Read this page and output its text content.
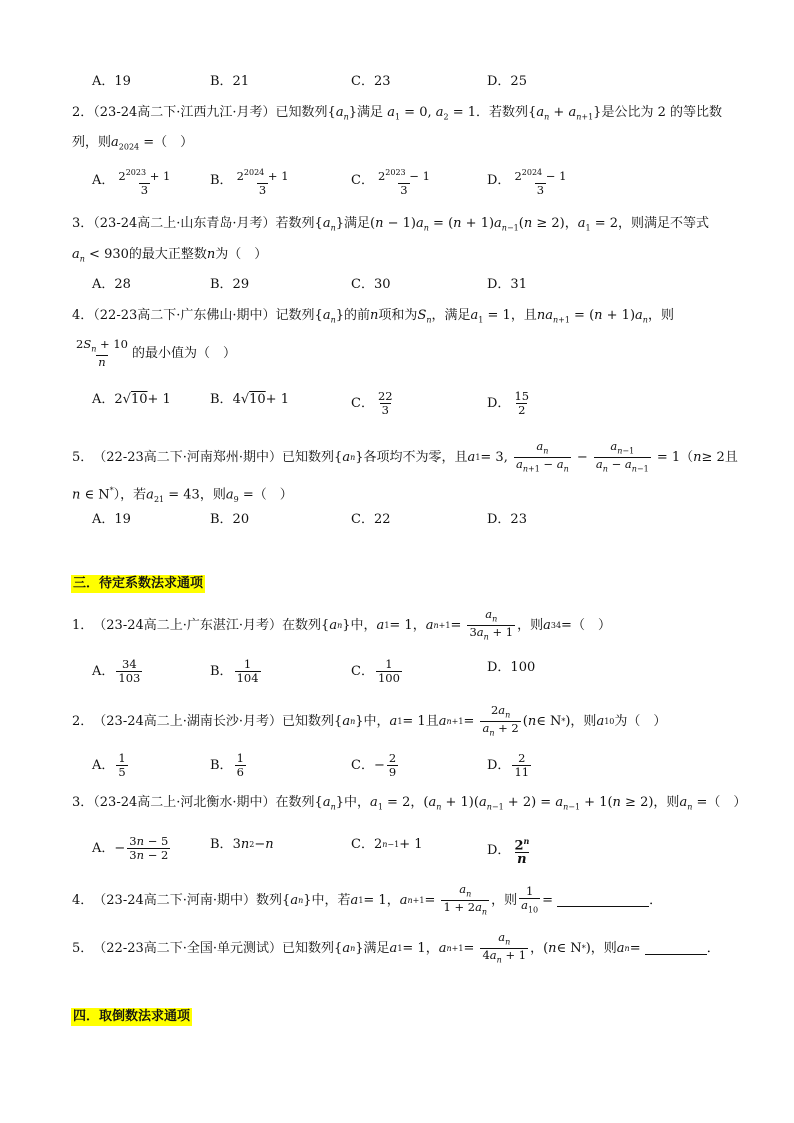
A．19	B．21	C．23	D．25
2．（23-24高二下·江西九江·月考）已知数列$\{a_n\}$满足 $a_1 = 0$, $a_2 = 1$．若数列$\{a_n + a_{n+1}\}$是公比为 2 的等比数
列，则$a_{2024}$ =（　）
A． $\frac{2^{2023} + 1}{3}$	B． $\frac{2^{2024} + 1}{3}$	C． $\frac{2^{2023} - 1}{3}$	D． $\frac{2^{2024} - 1}{3}$
3．（23-24高二上·山东青岛·月考）若数列$\{a_n\}$满足$(n - 1)a_n = (n + 1)a_{n-1}(n \ge 2)$，$a_1 = 2$，则满足不等式
$a_n < 930$的最大正整数n为（　）
A．28	B．29	C．30	D．31
4．（22-23高二下·广东佛山·期中）记数列$\{a_n\}$的前n项和为$S_n$，满足$a_1 = 1$，且$na_{n+1} = (n + 1)a_n$，则
$\frac{2S_n + 10}{n}$ 的最小值为（　）
A． 2√ 10 + 1	B． 4√ 10 + 1	C． $\frac{22}{3}$	D． $\frac{15}{2}$
5． （22-23高二下·河南郑州·期中） 已知数列 { a n } 各项均不为零，且 a 1 = 3, $\frac{a_n}{a_{n+1} - a_n} - \frac{a_{n-1}}{a_n - a_{n-1}} = 1$ （ n ≥ 2 且
n ∈ N*），若$a_{21} = 43$，则$a_9$ =（　）
A．19	B．20	C．22	D．23
三．待定系数法求通项
1． （23-24高二上·广东湛江·月考） 在数列 { a n } 中， a 1 = 1 ， a $n+1 = \frac{a_n}{3a_n + 1}$ ，则 a 34 = （　）
A． $\frac{34}{103}$	B． $\frac{1}{104}$	C． $\frac{1}{100}$	D．100
2． （23-24高二上·湖南长沙·月考） 已知数列 { a n } 中， a 1 = 1 且 a $n+1 = \frac{2a_n}{a_n + 2}$ ( n ∈ N * ) ，则 a 10 为（　）
A． $\frac{1}{5}$	B． $\frac{1}{6}$	C． − $\frac{2}{9}$	D． $\frac{2}{11}$
3．（23-24高二上·河北衡水·期中）在数列$\{a_n\}$中，$a_1 = 2$，$(a_n + 1)(a_{n-1} + 2) = a_{n-1} + 1(n \ge 2)$，则$a_n$ =（　）
A． − $\frac{3n - 5}{3n - 2}$	B． 3 n 2 − n	C． 2 n−1 + 1	D． $\frac{2^n}{n}$
4． （23-24高二下·河南·期中） 数列 { a n } 中，若 a 1 = 1 ， a $n+1 = \frac{a_n}{1 + 2a_n}$ ，则 $\frac{1}{a_{10}}$ =	．
5． （22-23高二下·全国·单元测试） 已知数列 { a n } 满足 a 1 = 1 ， a $n+1 = \frac{a_n}{4a_n + 1}$ ， ( n ∈ N * ) ，则 a n =	．
四．取倒数法求通项
